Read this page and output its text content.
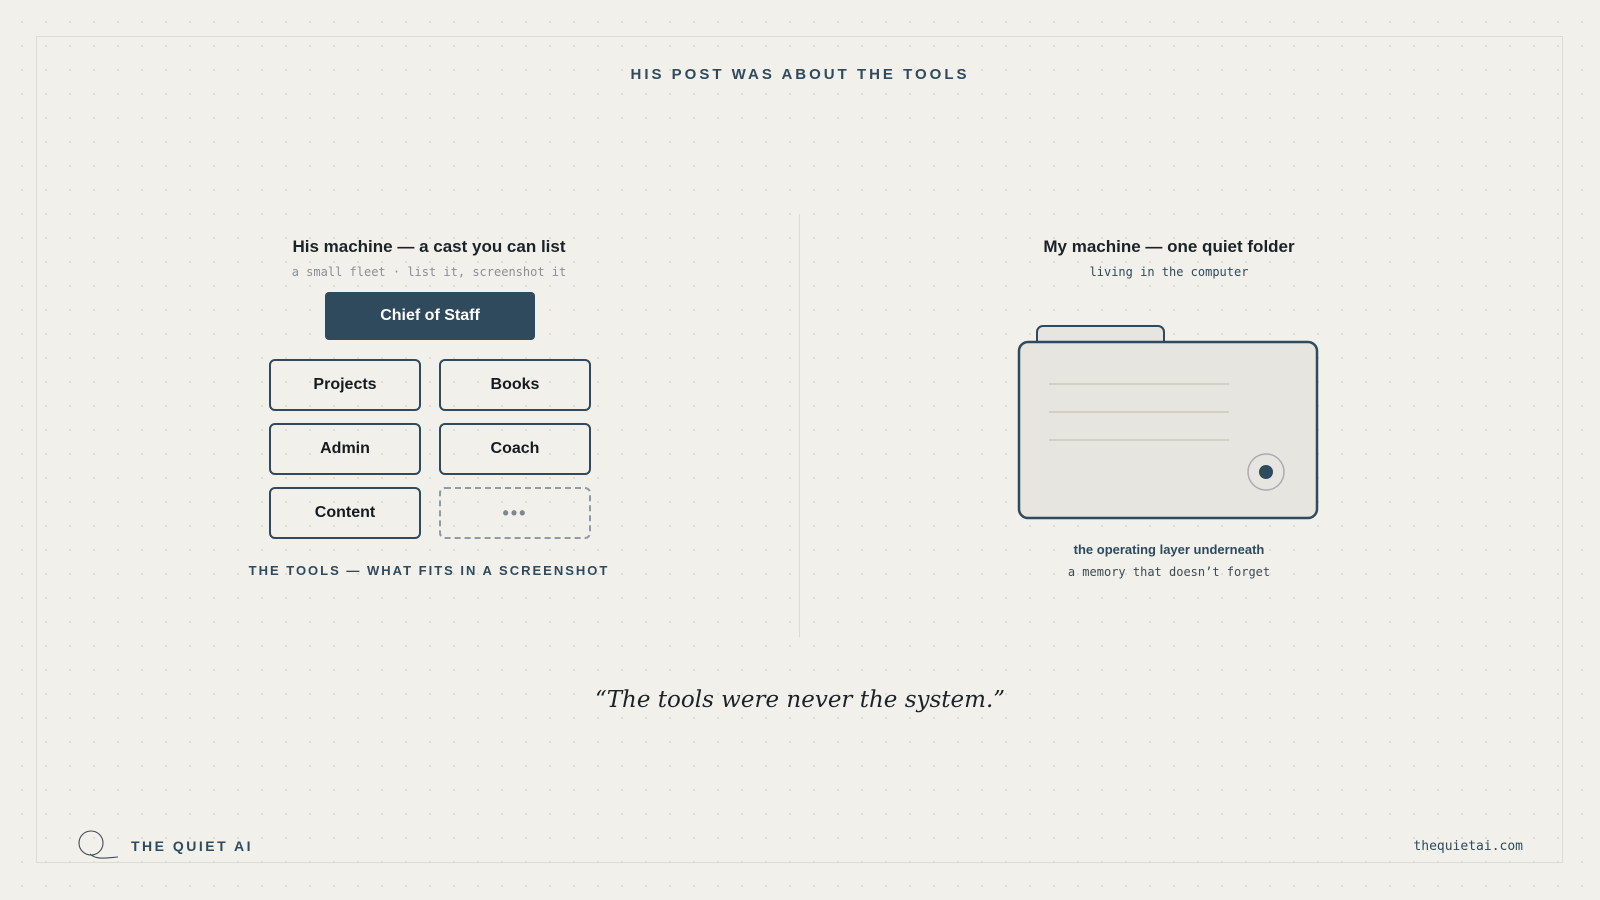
HIS POST WAS ABOUT THE TOOLS
His machine — a cast you can list
a small fleet · list it, screenshot it
Chief of Staff
Projects	Books
Admin	Coach
Content	•••
THE TOOLS — WHAT FITS IN A SCREENSHOT
My machine — one quiet folder
living in the computer
the operating layer underneath
a memory that doesn’t forget
“The tools were never the system.”
THE QUIET AI	thequietai.com
